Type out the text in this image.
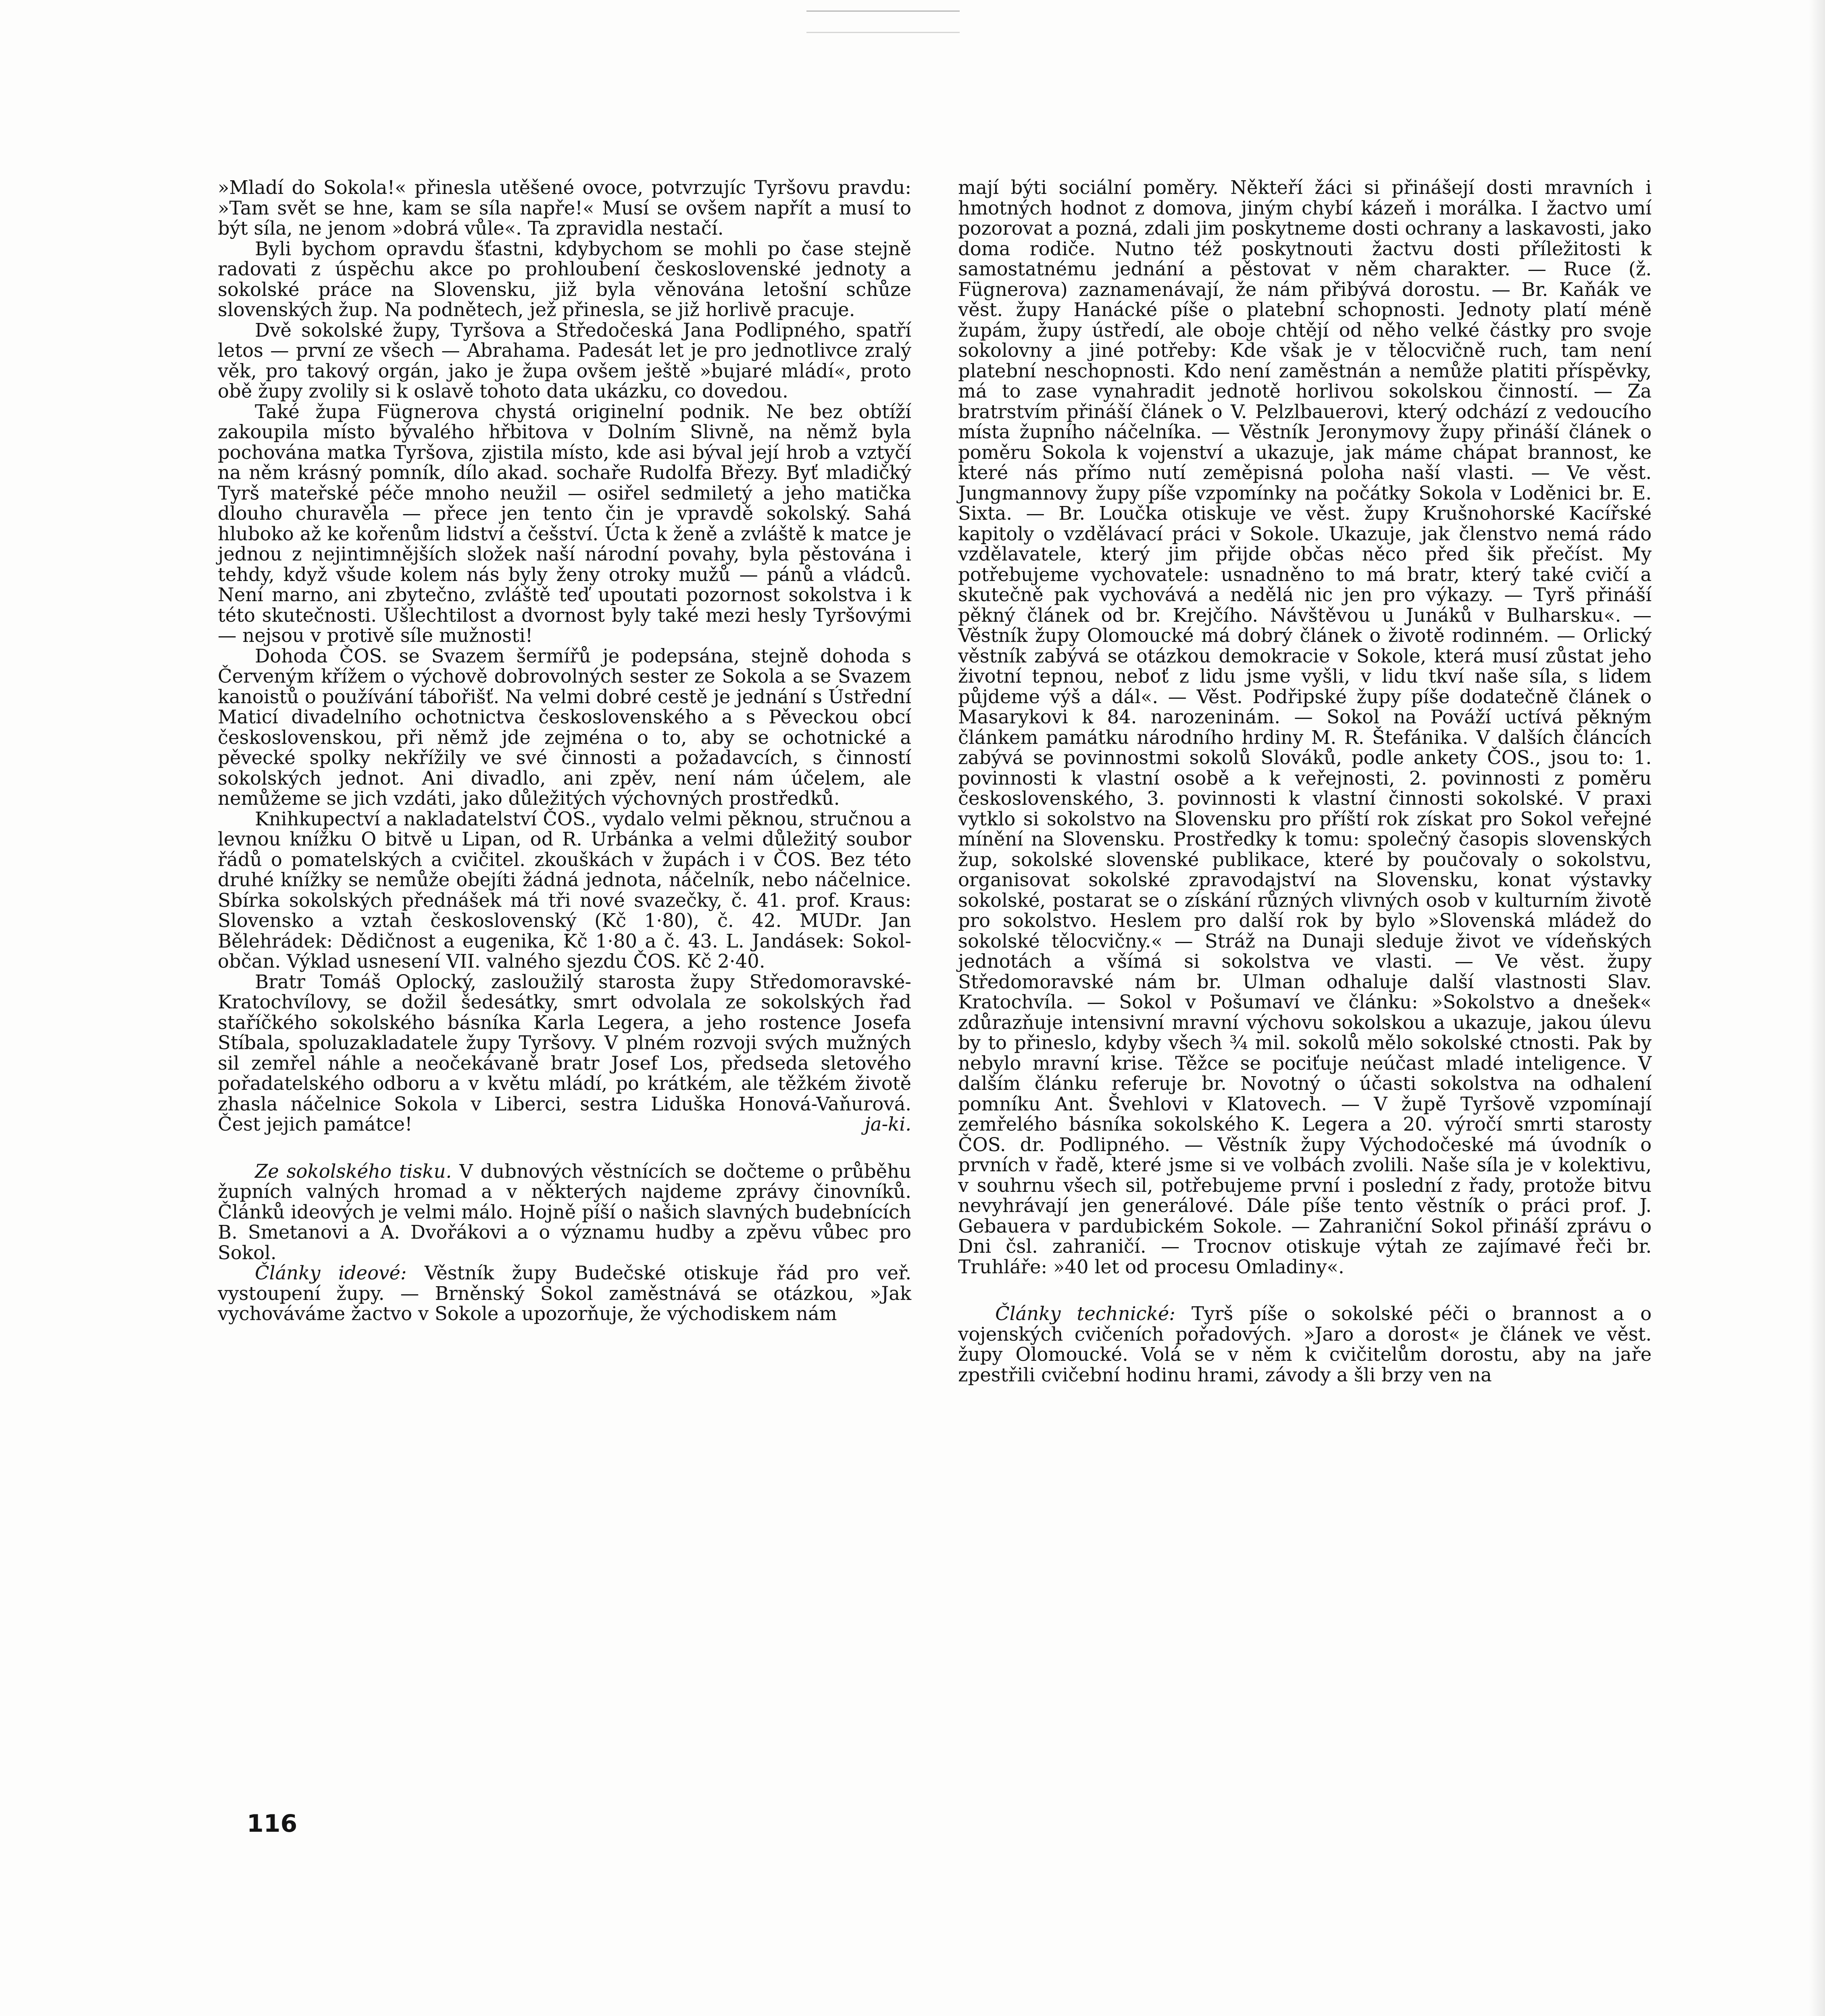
»Mladí do Sokola!« přinesla utěšené ovoce, potvrzujíc Tyršovu pravdu: »Tam svět se hne, kam se síla napře!« Musí se ovšem napřít a musí to být síla, ne jenom »dobrá vůle«. Ta zpravidla nestačí.

Byli bychom opravdu šťastni, kdybychom se mohli po čase stejně radovati z úspěchu akce po prohloubení československé jednoty a sokolské práce na Slovensku, již byla věnována letošní schůze slovenských žup. Na podnětech, jež přinesla, se již horlivě pracuje.

Dvě sokolské župy, Tyršova a Středočeská Jana Podlipného, spatří letos — první ze všech — Abrahama. Padesát let je pro jednotlivce zralý věk, pro takový orgán, jako je župa ovšem ještě »bujaré mládí«, proto obě župy zvolily si k oslavě tohoto data ukázku, co dovedou.

Také župa Fügnerova chystá originelní podnik. Ne bez obtíží zakoupila místo bývalého hřbitova v Dolním Slivně, na němž byla pochována matka Tyršova, zjistila místo, kde asi býval její hrob a vztyčí na něm krásný pomník, dílo akad. sochaře Rudolfa Březy. Byť mladičký Tyrš mateřské péče mnoho neužil — osiřel sedmiletý a jeho matička dlouho churavěla — přece jen tento čin je vpravdě sokolský. Sahá hluboko až ke kořenům lidství a češství. Úcta k ženě a zvláště k matce je jednou z nejintimnějších složek naší národní povahy, byla pěstována i tehdy, když všude kolem nás byly ženy otroky mužů — pánů a vládců. Není marno, ani zbytečno, zvláště teď upoutati pozornost sokolstva i k této skutečnosti. Ušlechtilost a dvornost byly také mezi hesly Tyršovými — nejsou v protivě síle mužnosti!

Dohoda ČOS. se Svazem šermířů je podepsána, stejně dohoda s Červeným křížem o výchově dobrovolných sester ze Sokola a se Svazem kanoistů o používání tábořišť. Na velmi dobré cestě je jednání s Ústřední Maticí divadelního ochotnictva československého a s Pěveckou obcí československou, při němž jde zejména o to, aby se ochotnické a pěvecké spolky nekřížily ve své činnosti a požadavcích, s činností sokolských jednot. Ani divadlo, ani zpěv, není nám účelem, ale nemůžeme se jich vzdáti, jako důležitých výchovných prostředků.

Knihkupectví a nakladatelství ČOS., vydalo velmi pěknou, stručnou a levnou knížku O bitvě u Lipan, od R. Urbánka a velmi důležitý soubor řádů o pomatelských a cvičitel. zkouškách v župách i v ČOS. Bez této druhé knížky se nemůže obejíti žádná jednota, náčelník, nebo náčelnice. Sbírka sokolských přednášek má tři nové svazečky, č. 41. prof. Kraus: Slovensko a vztah československý (Kč 1·80), č. 42. MUDr. Jan Bělehrádek: Dědičnost a eugenika, Kč 1·80 a č. 43. L. Jandásek: Sokol-občan. Výklad usnesení VII. valného sjezdu ČOS. Kč 2·40.

Bratr Tomáš Oplocký, zasloužilý starosta župy Středomoravské-Kratochvílovy, se dožil šedesátky, smrt odvolala ze sokolských řad staříčkého sokolského básníka Karla Legera, a jeho rostence Josefa Stíbala, spoluzakladatele župy Tyršovy. V plném rozvoji svých mužných sil zemřel náhle a neočekávaně bratr Josef Los, předseda sletového pořadatelského odboru a v květu mládí, po krátkém, ale těžkém životě zhasla náčelnice Sokola v Liberci, sestra Liduška Honová-Vaňurová. Čest jejich památce!	ja-ki.

Ze sokolského tisku. V dubnových věstnících se dočteme o průběhu župních valných hromad a v některých najdeme zprávy činovníků. Článků ideových je velmi málo. Hojně píší o našich slavných budebnících B. Smetanovi a A. Dvořákovi a o významu hudby a zpěvu vůbec pro Sokol.

Články ideové: Věstník župy Budečské otiskuje řád pro veř. vystoupení župy. — Brněnský Sokol zaměstnává se otázkou, »Jak vychováváme žactvo v Sokole a upozorňuje, že východiskem nám

mají býti sociální poměry. Někteří žáci si přinášejí dosti mravních i hmotných hodnot z domova, jiným chybí kázeň i morálka. I žactvo umí pozorovat a pozná, zdali jim poskytneme dosti ochrany a laskavosti, jako doma rodiče. Nutno též poskytnouti žactvu dosti příležitosti k samostatnému jednání a pěstovat v něm charakter. — Ruce (ž. Fügnerova) zaznamenávají, že nám přibývá dorostu. — Br. Kaňák ve věst. župy Hanácké píše o platební schopnosti. Jednoty platí méně župám, župy ústředí, ale oboje chtějí od něho velké částky pro svoje sokolovny a jiné potřeby: Kde však je v tělocvičně ruch, tam není platební neschopnosti. Kdo není zaměstnán a nemůže platiti příspěvky, má to zase vynahradit jednotě horlivou sokolskou činností. — Za bratrstvím přináší článek o V. Pelzlbauerovi, který odchází z vedoucího místa župního náčelníka. — Věstník Jeronymovy župy přináší článek o poměru Sokola k vojenství a ukazuje, jak máme chápat brannost, ke které nás přímo nutí zeměpisná poloha naší vlasti. — Ve věst. Jungmannovy župy píše vzpomínky na počátky Sokola v Loděnici br. E. Sixta. — Br. Loučka otiskuje ve věst. župy Krušnohorské Kacířské kapitoly o vzdělávací práci v Sokole. Ukazuje, jak členstvo nemá rádo vzdělavatele, který jim přijde občas něco před šik přečíst. My potřebujeme vychovatele: usnadněno to má bratr, který také cvičí a skutečně pak vychovává a nedělá nic jen pro výkazy. — Tyrš přináší pěkný článek od br. Krejčího. Návštěvou u Junáků v Bulharsku«. — Věstník župy Olomoucké má dobrý článek o životě rodinném. — Orlický věstník zabývá se otázkou demokracie v Sokole, která musí zůstat jeho životní tepnou, neboť z lidu jsme vyšli, v lidu tkví naše síla, s lidem půjdeme výš a dál«. — Věst. Podřipské župy píše dodatečně článek o Masarykovi k 84. narozeninám. — Sokol na Pováží uctívá pěkným článkem památku národního hrdiny M. R. Štefánika. V dalších článcích zabývá se povinnostmi sokolů Slováků, podle ankety ČOS., jsou to: 1. povinnosti k vlastní osobě a k veřejnosti, 2. povinnosti z poměru československého, 3. povinnosti k vlastní činnosti sokolské. V praxi vytklo si sokolstvo na Slovensku pro příští rok získat pro Sokol veřejné mínění na Slovensku. Prostředky k tomu: společný časopis slovenských žup, sokolské slovenské publikace, které by poučovaly o sokolstvu, organisovat sokolské zpravodajství na Slovensku, konat výstavky sokolské, postarat se o získání různých vlivných osob v kulturním životě pro sokolstvo. Heslem pro další rok by bylo »Slovenská mládež do sokolské tělocvičny.« — Stráž na Dunaji sleduje život ve vídeňských jednotách a všímá si sokolstva ve vlasti. — Ve věst. župy Středomoravské nám br. Ulman odhaluje další vlastnosti Slav. Kratochvíla. — Sokol v Pošumaví ve článku: »Sokolstvo a dnešek« zdůrazňuje intensivní mravní výchovu sokolskou a ukazuje, jakou úlevu by to přineslo, kdyby všech ¾ mil. sokolů mělo sokolské ctnosti. Pak by nebylo mravní krise. Těžce se pociťuje neúčast mladé inteligence. V dalším článku referuje br. Novotný o účasti sokolstva na odhalení pomníku Ant. Švehlovi v Klatovech. — V župě Tyršově vzpomínají zemřelého básníka sokolského K. Legera a 20. výročí smrti starosty ČOS. dr. Podlipného. — Věstník župy Východočeské má úvodník o prvních v řadě, které jsme si ve volbách zvolili. Naše síla je v kolektivu, v souhrnu všech sil, potřebujeme první i poslední z řady, protože bitvu nevyhrávají jen generálové. Dále píše tento věstník o práci prof. J. Gebauera v pardubickém Sokole. — Zahraniční Sokol přináší zprávu o Dni čsl. zahraničí. — Trocnov otiskuje výtah ze zajímavé řeči br. Truhláře: »40 let od procesu Omladiny«.

Články technické: Tyrš píše o sokolské péči o brannost a o vojenských cvičeních pořadových. »Jaro a dorost« je článek ve věst. župy Olomoucké. Volá se v něm k cvičitelům dorostu, aby na jaře zpestřili cvičební hodinu hrami, závody a šli brzy ven na

116
